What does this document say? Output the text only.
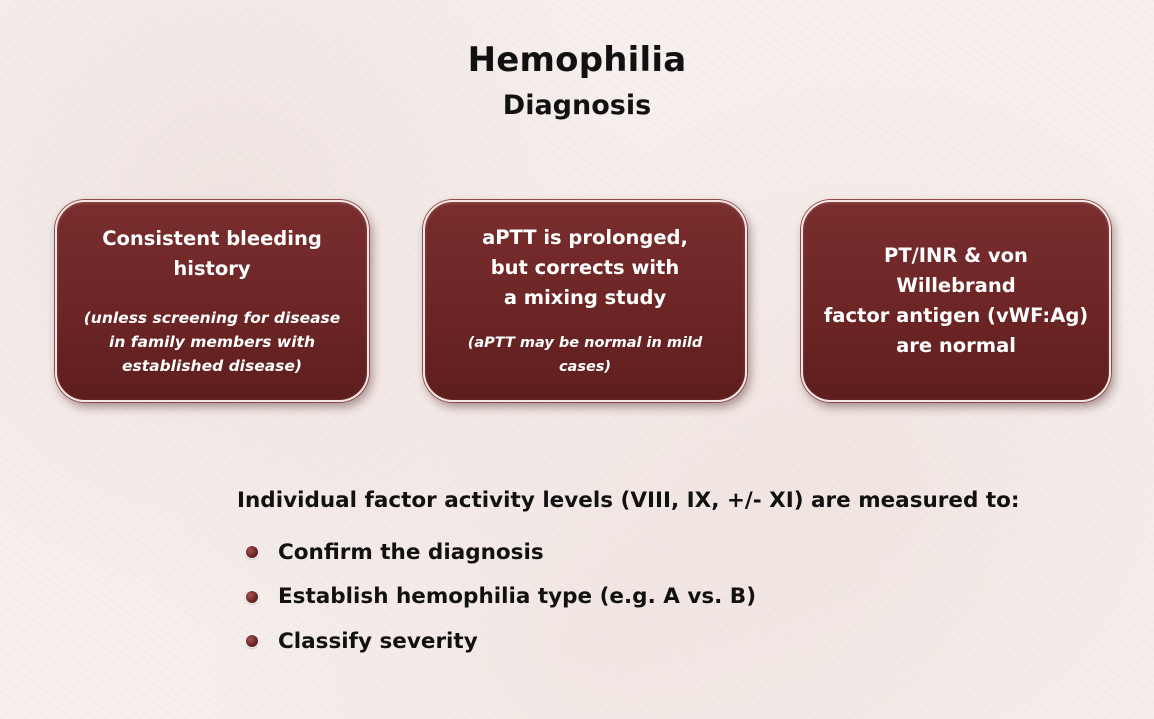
Hemophilia
Diagnosis
Consistent bleeding
history
(unless screening for disease
in family members with
established disease)
aPTT is prolonged,
but corrects with
a mixing study
(aPTT may be normal in mild cases)
PT/INR & von Willebrand
factor antigen (vWF:Ag)
are normal
Individual factor activity levels (VIII, IX, +/- XI) are measured to:
Confirm the diagnosis
Establish hemophilia type (e.g. A vs. B)
Classify severity
